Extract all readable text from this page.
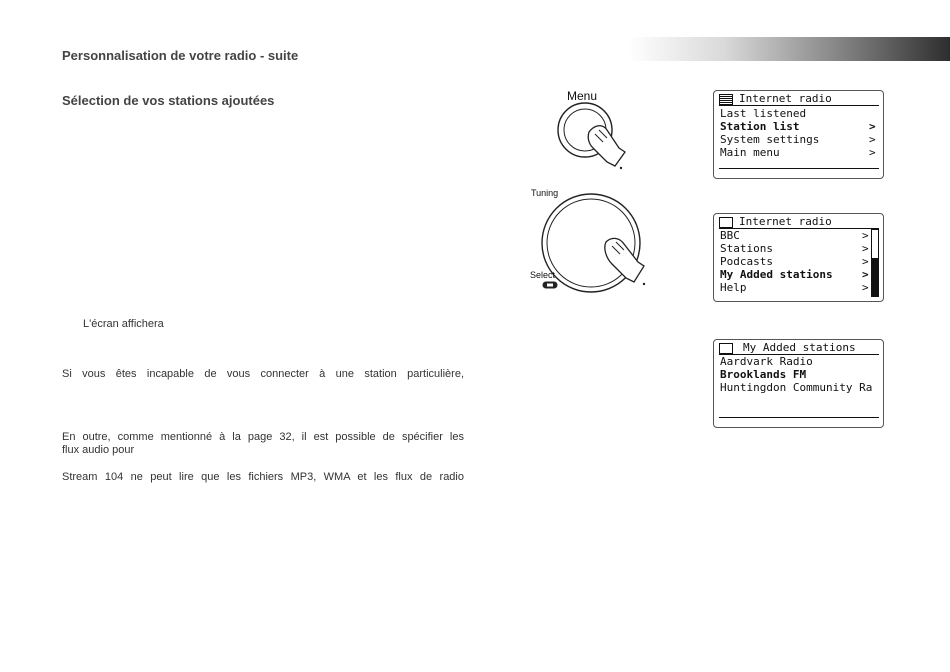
Personnalisation de votre radio - suite
Sélection de vos stations ajoutées
L'écran affichera
Si vous êtes incapable de vous connecter à une station particulière,
En outre, comme mentionné à la page 32, il est possible de spécifier les
flux audio pour
Stream 104 ne peut lire que les fichiers MP3, WMA et les flux de radio
Menu
Tuning
Select
Internet radio
Last listened
Station list	>
System settings	>
Main menu	>
Internet radio
BBC	>
Stations	>
Podcasts	>
My Added stations	>
Help	>
My Added stations
Aardvark Radio
Brooklands FM
Huntingdon Community Ra
